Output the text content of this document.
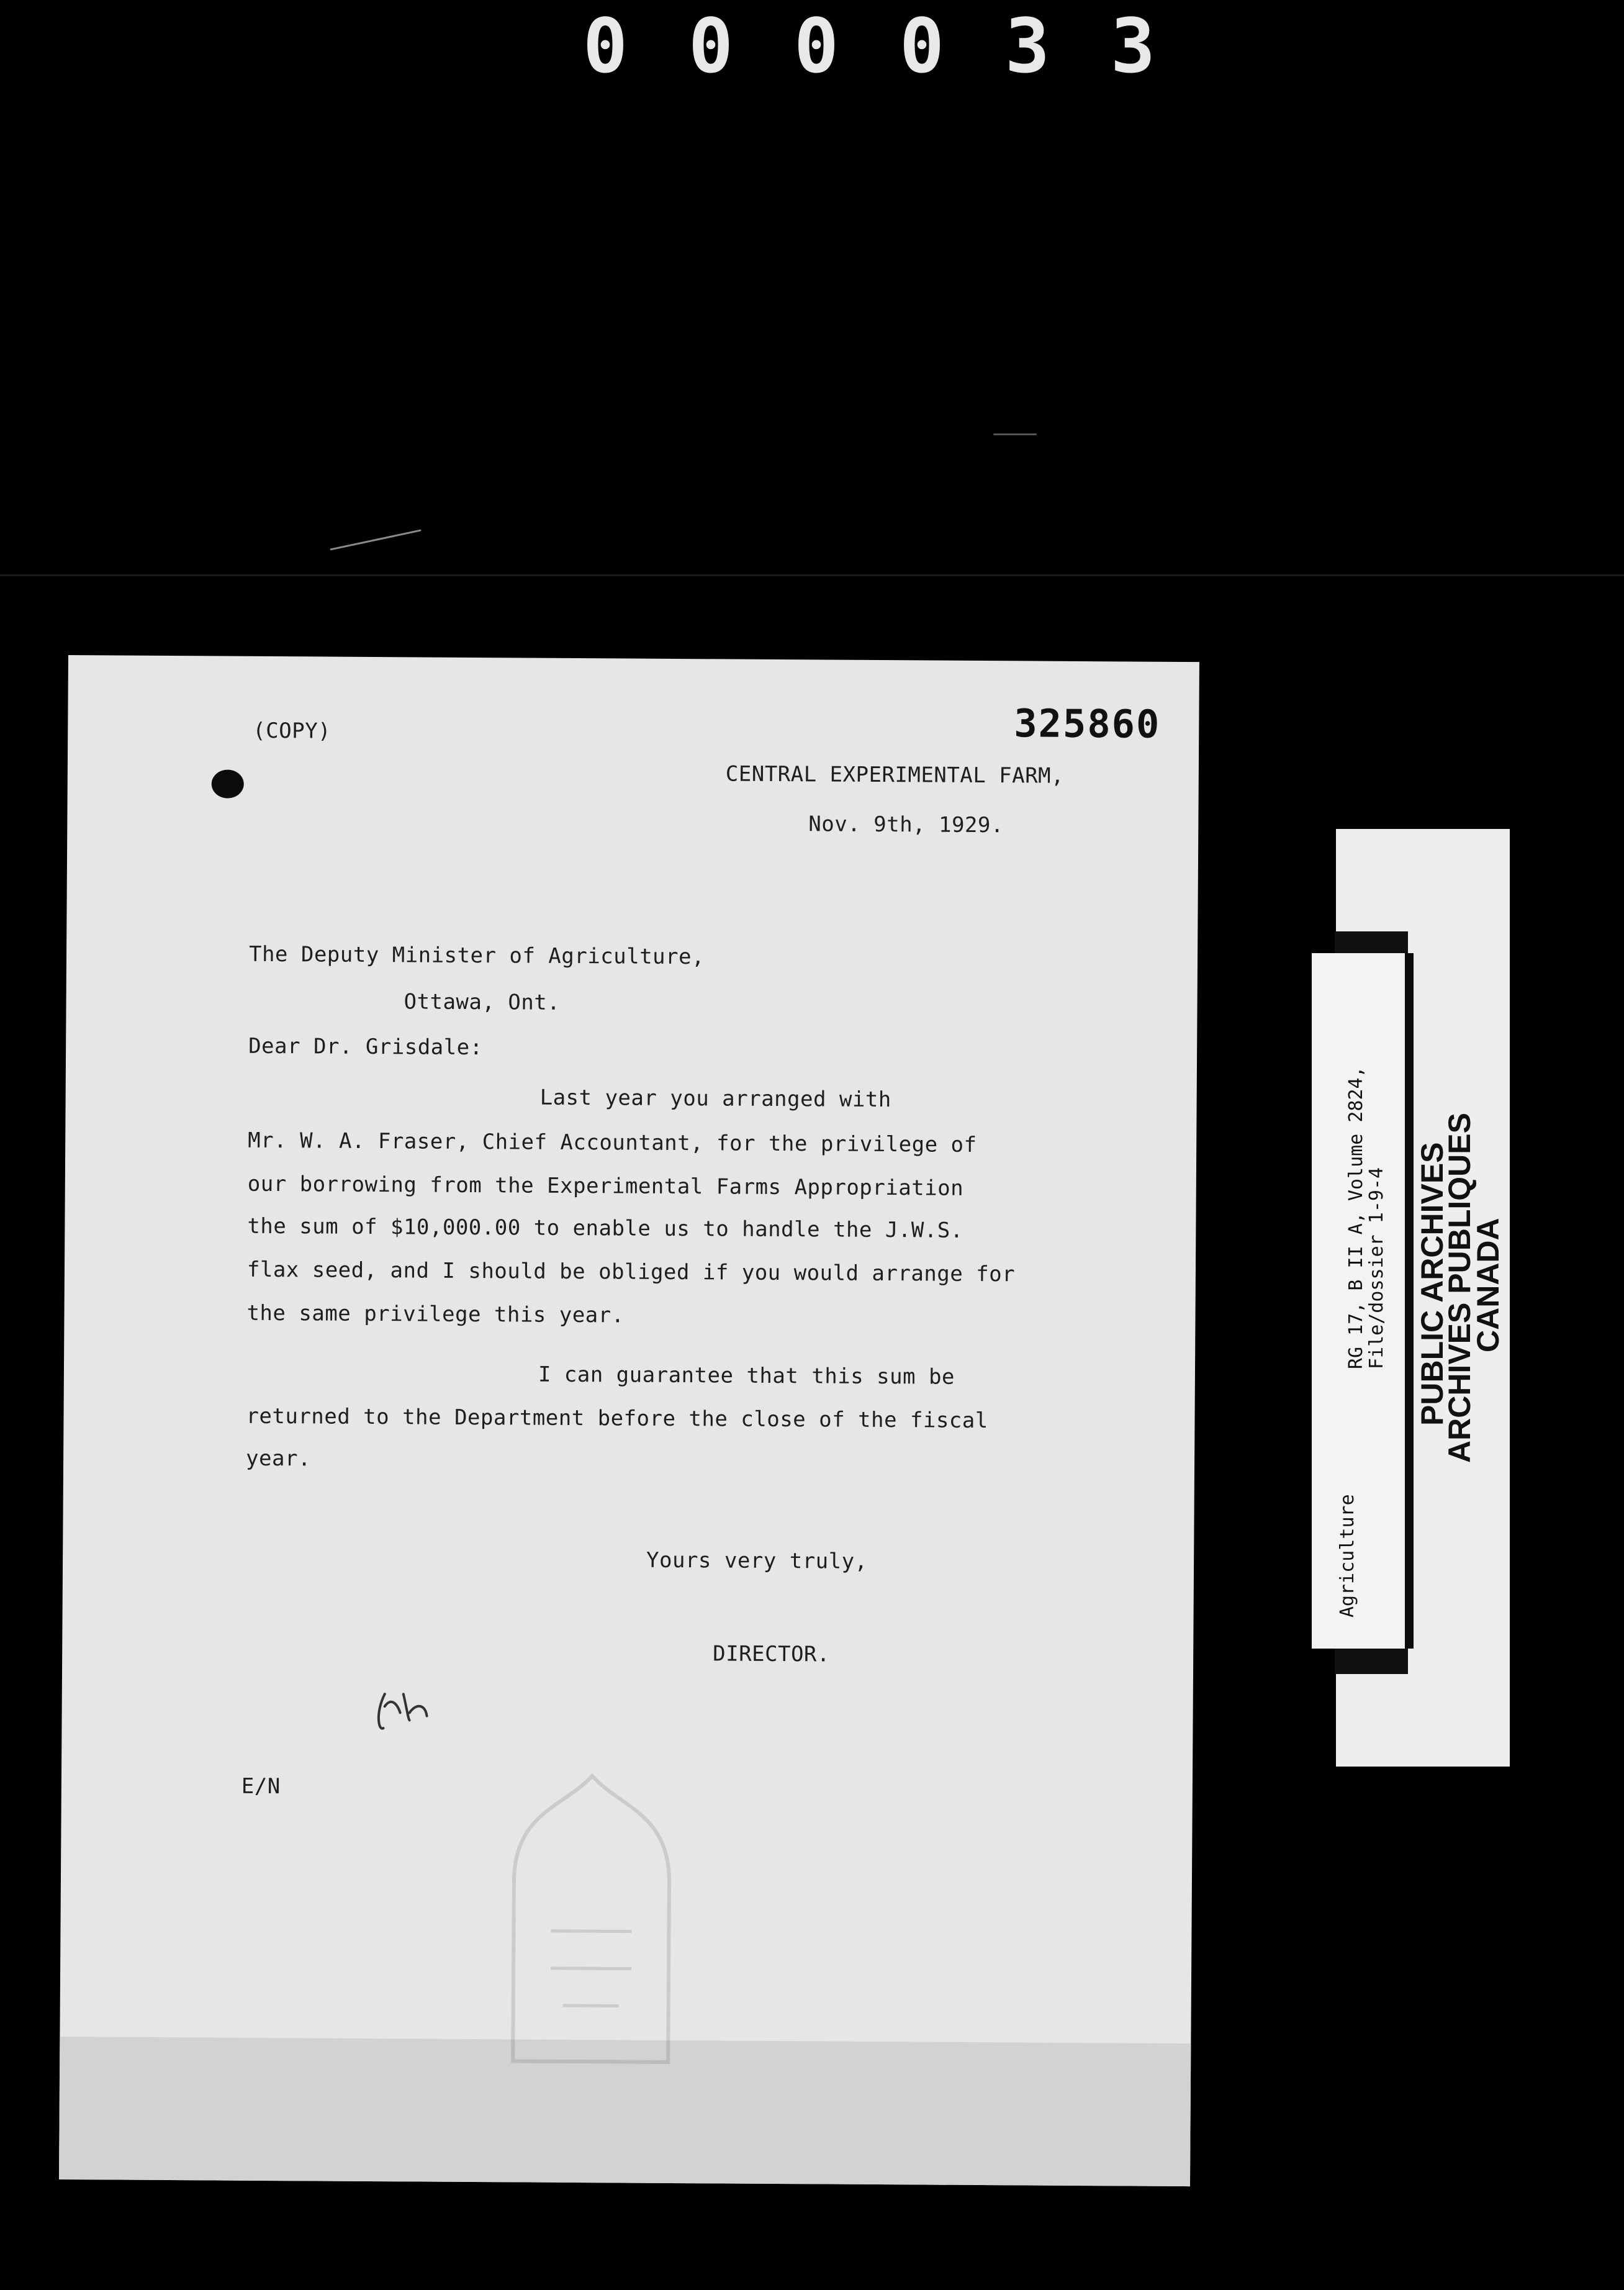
0 0 0 0 3 3
(COPY)	325860
CENTRAL EXPERIMENTAL FARM,
Nov. 9th, 1929.
The Deputy Minister of Agriculture,
Ottawa, Ont.
Dear Dr. Grisdale:
Last year you arranged with
Mr. W. A. Fraser, Chief Accountant, for the privilege of
our borrowing from the Experimental Farms Appropriation
the sum of $10,000.00 to enable us to handle the J.W.S.
flax seed, and I should be obliged if you would arrange for
the same privilege this year.
I can guarantee that this sum be
returned to the Department before the close of the fiscal
year.
Yours very truly,
DIRECTOR.
E/N
Agriculture
RG 17, B II A, Volume 2824,
File/dossier 1-9-4 PUBLIC ARCHIVES
ARCHIVES PUBLIQUES
CANADA
